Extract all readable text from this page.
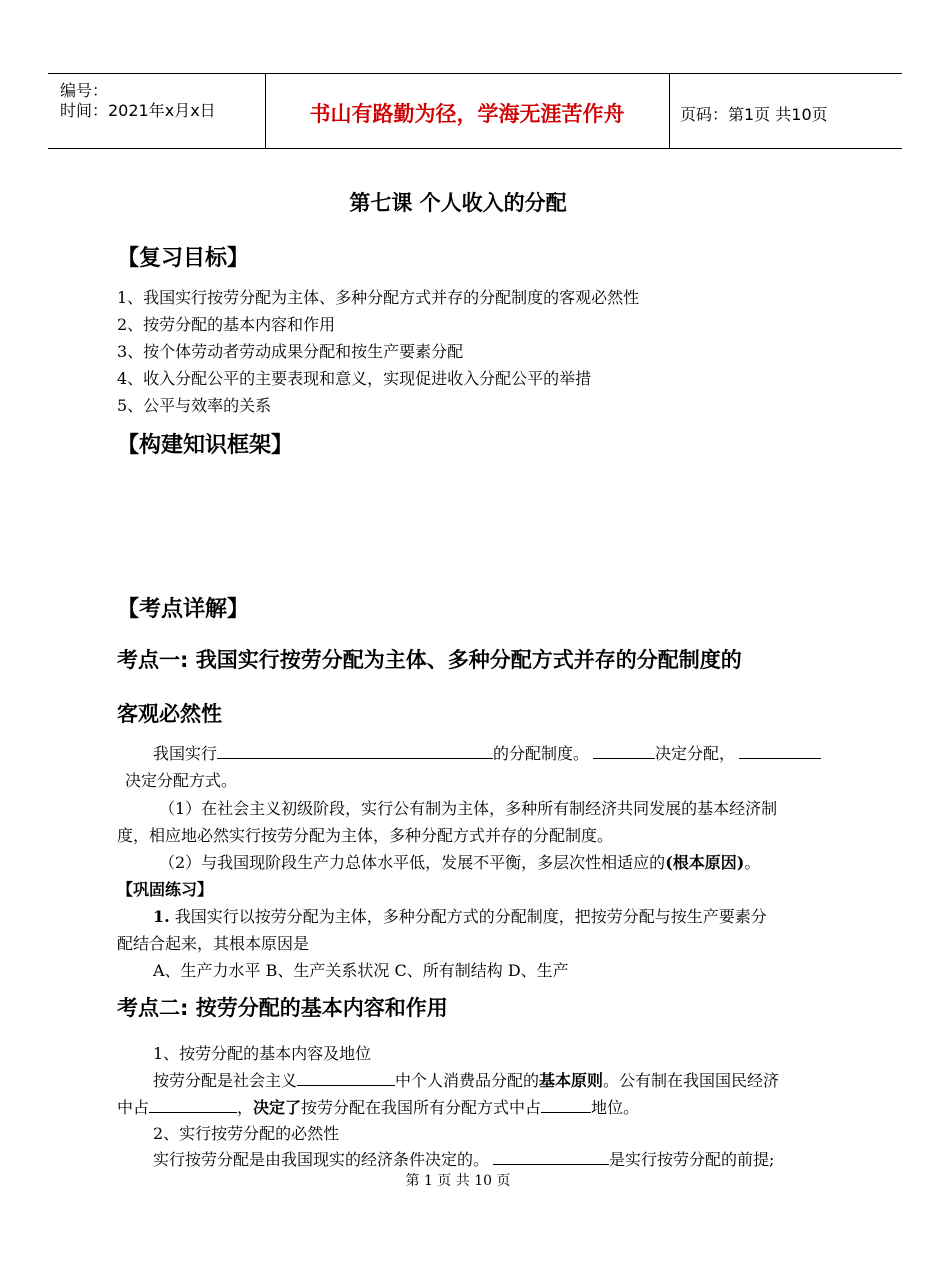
编号：
时间：2021年x月x日	书山有路勤为径，学海无涯苦作舟	页码：第1页 共10页
第七课 个人收入的分配
【复习目标】
1、我国实行按劳分配为主体、多种分配方式并存的分配制度的客观必然性
2、按劳分配的基本内容和作用
3、按个体劳动者劳动成果分配和按生产要素分配
4、收入分配公平的主要表现和意义，实现促进收入分配公平的举措
5、公平与效率的关系
【构建知识框架】
【考点详解】
考点一: 我国实行按劳分配为主体、多种分配方式并存的分配制度的
客观必然性
我国实行	的分配制度。	决定分配，
决定分配方式。
（1）在社会主义初级阶段，实行公有制为主体，多种所有制经济共同发展的基本经济制
度，相应地必然实行按劳分配为主体，多种分配方式并存的分配制度。
（2）与我国现阶段生产力总体水平低，发展不平衡，多层次性相适应的(根本原因)。
【巩固练习】
1. 我国实行以按劳分配为主体，多种分配方式的分配制度，把按劳分配与按生产要素分
配结合起来，其根本原因是
A、生产力水平 B、生产关系状况 C、所有制结构 D、生产
考点二: 按劳分配的基本内容和作用
1、按劳分配的基本内容及地位
按劳分配是社会主义	中个人消费品分配的基本原则。公有制在我国国民经济
中占	，决定了按劳分配在我国所有分配方式中占	地位。
2、实行按劳分配的必然性
实行按劳分配是由我国现实的经济条件决定的。	是实行按劳分配的前提;
第 1 页 共 10 页
